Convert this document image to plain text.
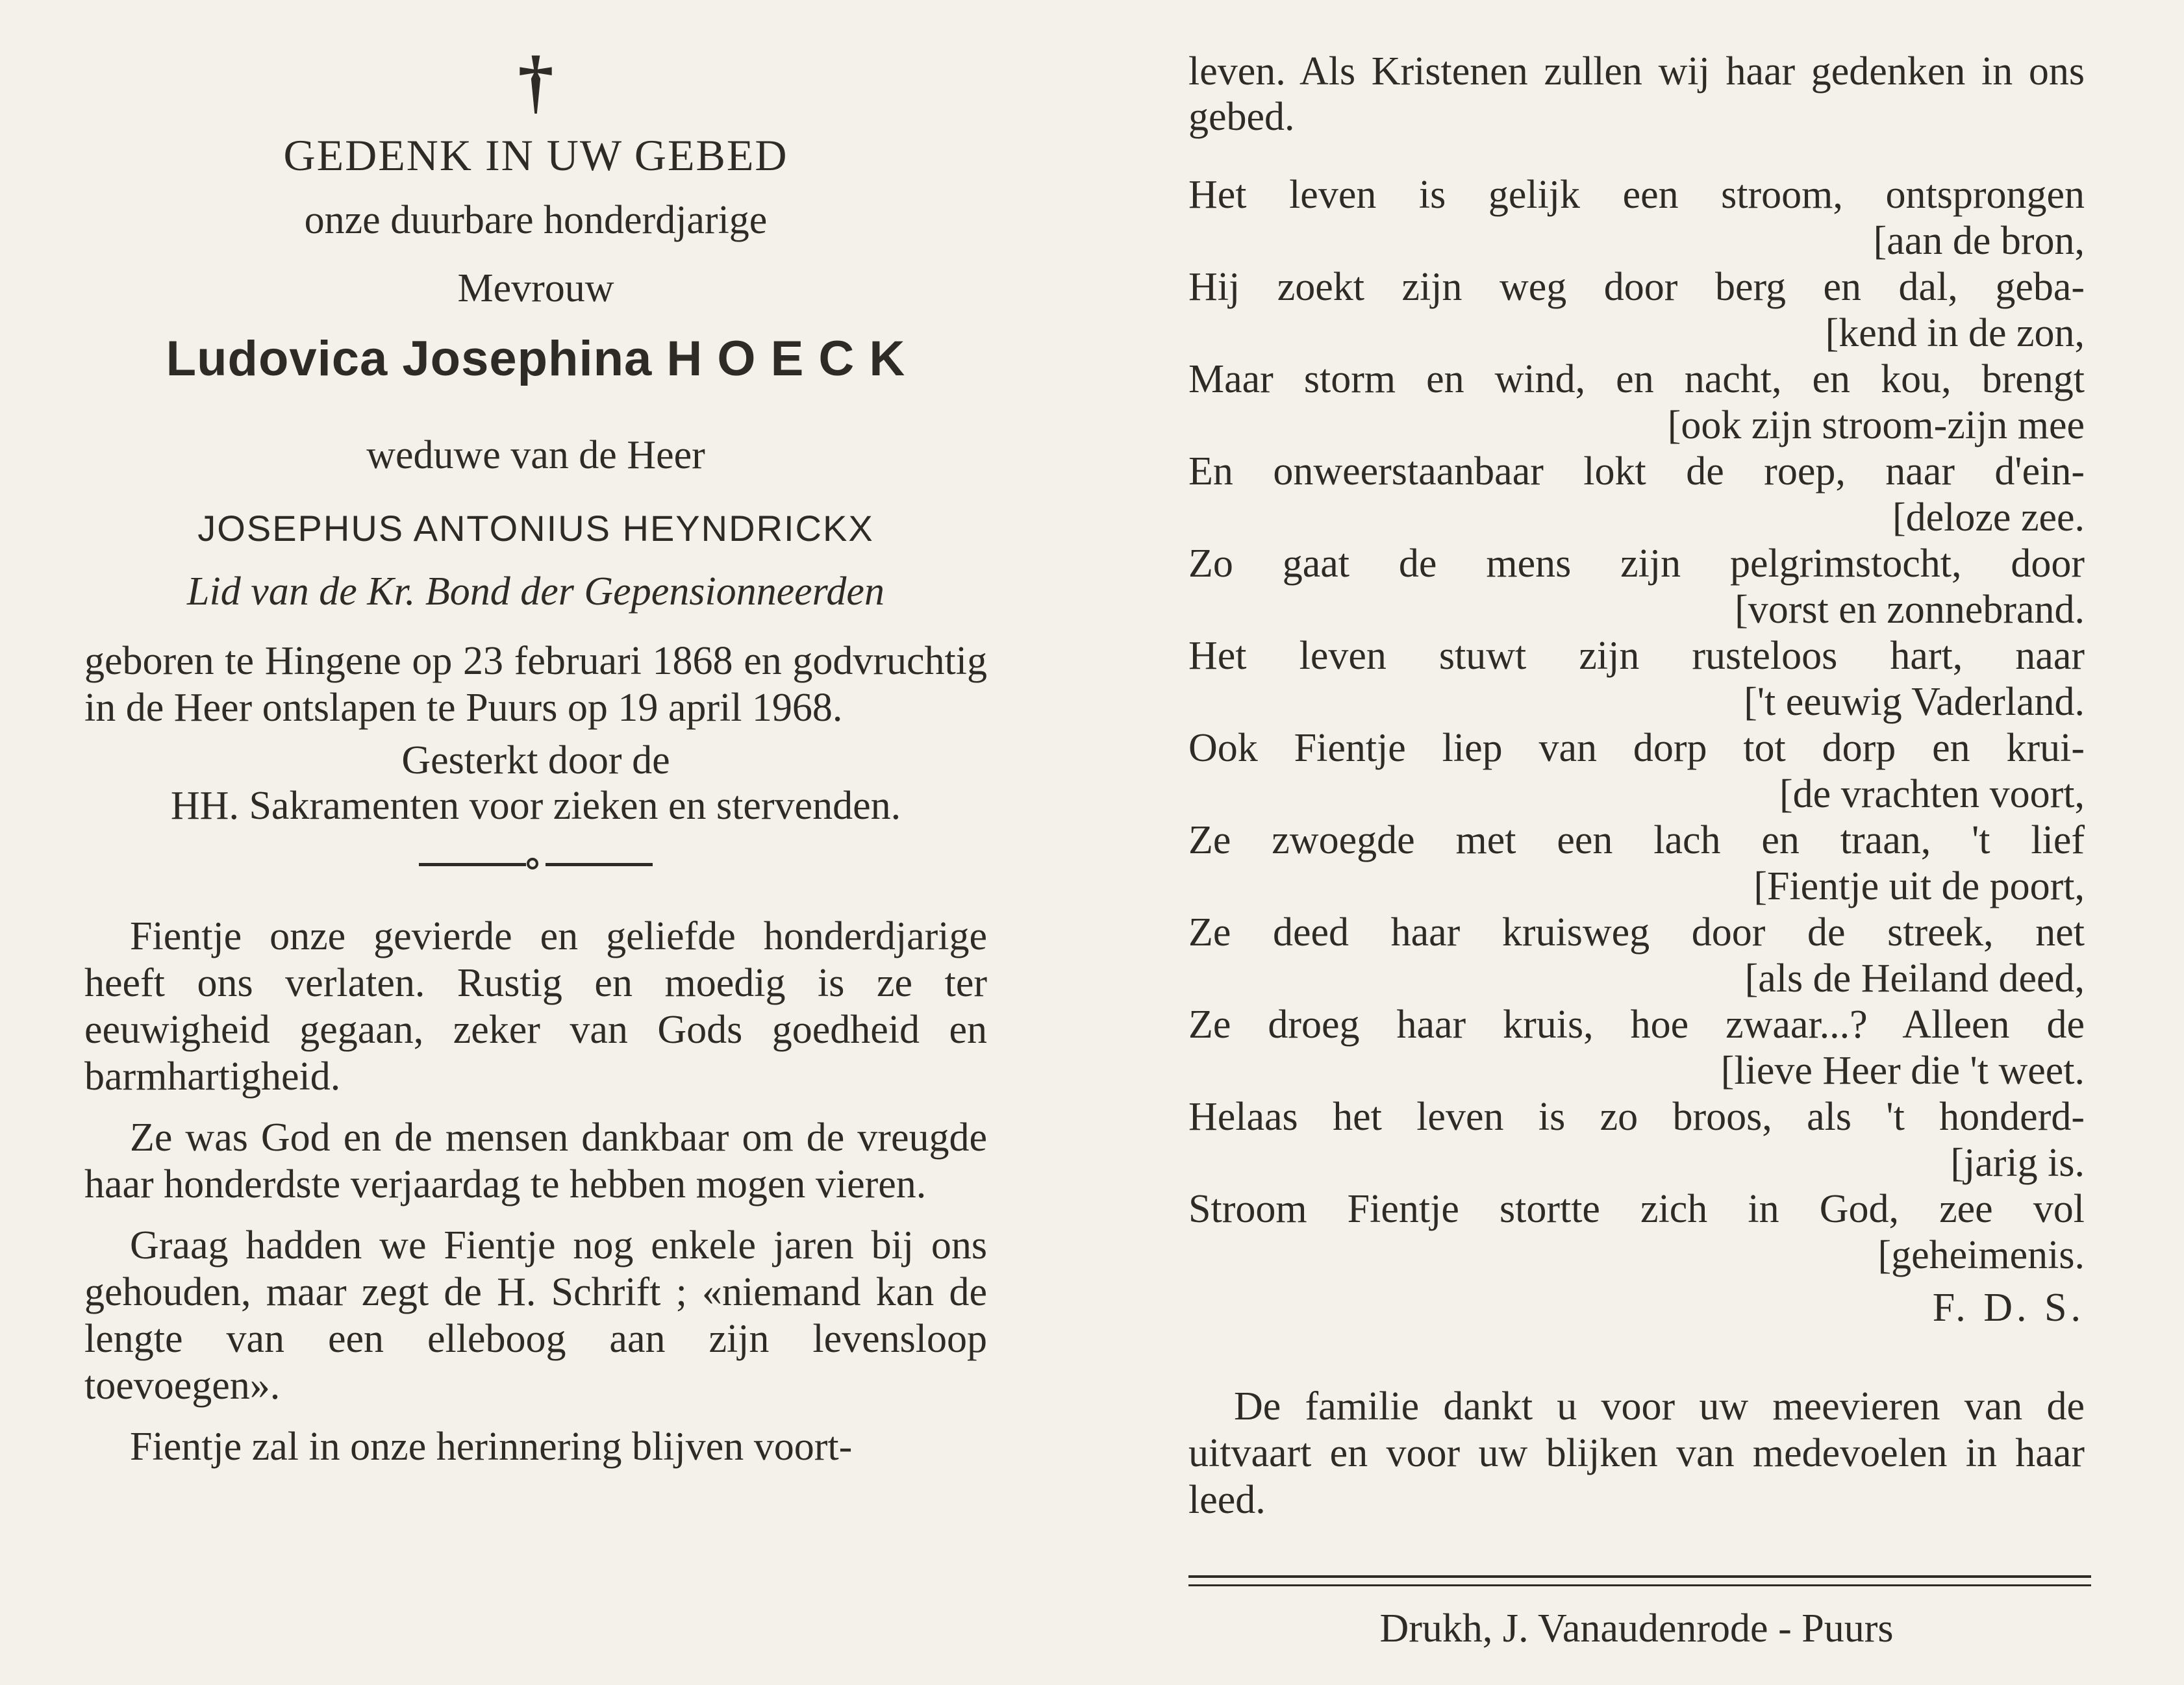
†
GEDENK IN UW GEBED
onze duurbare honderdjarige
Mevrouw
Ludovica Josephina H O E C K
weduwe van de Heer
JOSEPHUS ANTONIUS HEYNDRICKX
Lid van de Kr. Bond der Gepensionneerden
geboren te Hingene op 23 februari 1868 en godvruchtig in de Heer ontslapen te Puurs op 19 april 1968.
Gesterkt door de
HH. Sakramenten voor zieken en stervenden.
Fientje onze gevierde en geliefde honderdjarige heeft ons verlaten. Rustig en moedig is ze ter eeuwigheid gegaan, zeker van Gods goedheid en barmhartigheid.
Ze was God en de mensen dankbaar om de vreugde haar honderdste verjaardag te hebben mogen vieren.
Graag hadden we Fientje nog enkele jaren bij ons gehouden, maar zegt de H. Schrift ; «niemand kan de lengte van een elleboog aan zijn levensloop toevoegen».
Fientje zal in onze herinnering blijven voort-
leven. Als Kristenen zullen wij haar gedenken in ons gebed.
Het leven is gelijk een stroom, ontsprongen
[aan de bron,
Hij zoekt zijn weg door berg en dal, geba-
[kend in de zon,
Maar storm en wind, en nacht, en kou, brengt
[ook zijn stroom-zijn mee
En onweerstaanbaar lokt de roep, naar d'ein-
[deloze zee.
Zo gaat de mens zijn pelgrimstocht, door
[vorst en zonnebrand.
Het leven stuwt zijn rusteloos hart, naar
['t eeuwig Vaderland.
Ook Fientje liep van dorp tot dorp en krui-
[de vrachten voort,
Ze zwoegde met een lach en traan, 't lief
[Fientje uit de poort,
Ze deed haar kruisweg door de streek, net
[als de Heiland deed,
Ze droeg haar kruis, hoe zwaar...? Alleen de
[lieve Heer die 't weet.
Helaas het leven is zo broos, als 't honderd-
[jarig is.
Stroom Fientje stortte zich in God, zee vol
[geheimenis.
F. D. S.
De familie dankt u voor uw meevieren van de uitvaart en voor uw blijken van medevoelen in haar leed.
Drukh, J. Vanaudenrode - Puurs
